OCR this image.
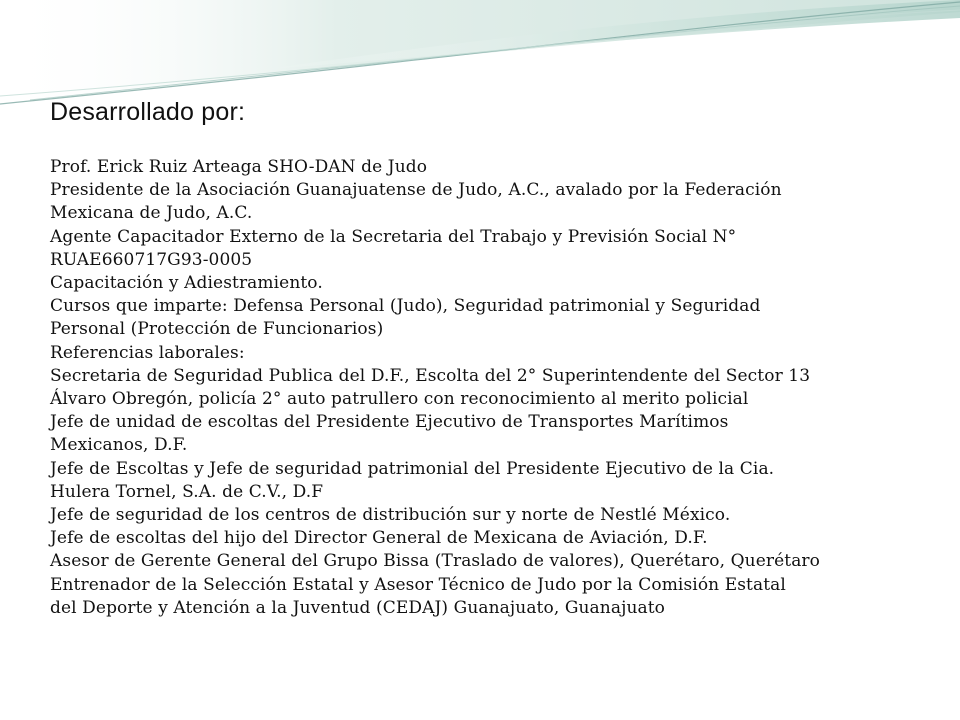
Desarrollado por:
Prof. Erick Ruiz Arteaga SHO-DAN de Judo
Presidente de la Asociación Guanajuatense de Judo, A.C., avalado por la Federación
Mexicana de Judo, A.C.
Agente Capacitador Externo de la Secretaria del Trabajo y Previsión Social N°
RUAE660717G93-0005
Capacitación y Adiestramiento.
Cursos que imparte: Defensa Personal (Judo), Seguridad patrimonial y Seguridad
Personal (Protección de Funcionarios)
Referencias laborales:
Secretaria de Seguridad Publica del D.F., Escolta del 2° Superintendente del Sector 13
Álvaro Obregón, policía 2° auto patrullero con reconocimiento al merito policial
Jefe de unidad de escoltas del Presidente Ejecutivo de Transportes Marítimos
Mexicanos, D.F.
Jefe de Escoltas y Jefe de seguridad patrimonial del Presidente Ejecutivo de la Cia.
Hulera Tornel, S.A. de C.V., D.F
Jefe de seguridad de los centros de distribución sur y norte de Nestlé México.
Jefe de escoltas del hijo del Director General de Mexicana de Aviación, D.F.
Asesor de Gerente General del Grupo Bissa (Traslado de valores), Querétaro, Querétaro
Entrenador de la Selección Estatal y Asesor Técnico de Judo por la Comisión Estatal
del Deporte y Atención a la Juventud (CEDAJ) Guanajuato, Guanajuato
